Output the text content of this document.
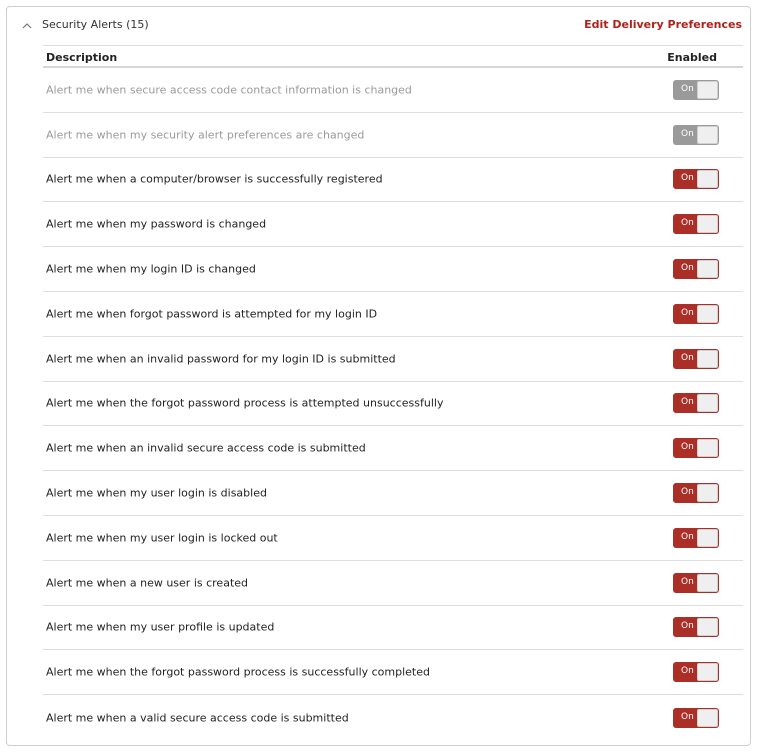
Security Alerts (15)	Edit Delivery Preferences
Description	Enabled
Alert me when secure access code contact information is changed	On
Alert me when my security alert preferences are changed	On
Alert me when a computer/browser is successfully registered	On
Alert me when my password is changed	On
Alert me when my login ID is changed	On
Alert me when forgot password is attempted for my login ID	On
Alert me when an invalid password for my login ID is submitted	On
Alert me when the forgot password process is attempted unsuccessfully	On
Alert me when an invalid secure access code is submitted	On
Alert me when my user login is disabled	On
Alert me when my user login is locked out	On
Alert me when a new user is created	On
Alert me when my user profile is updated	On
Alert me when the forgot password process is successfully completed	On
Alert me when a valid secure access code is submitted	On
